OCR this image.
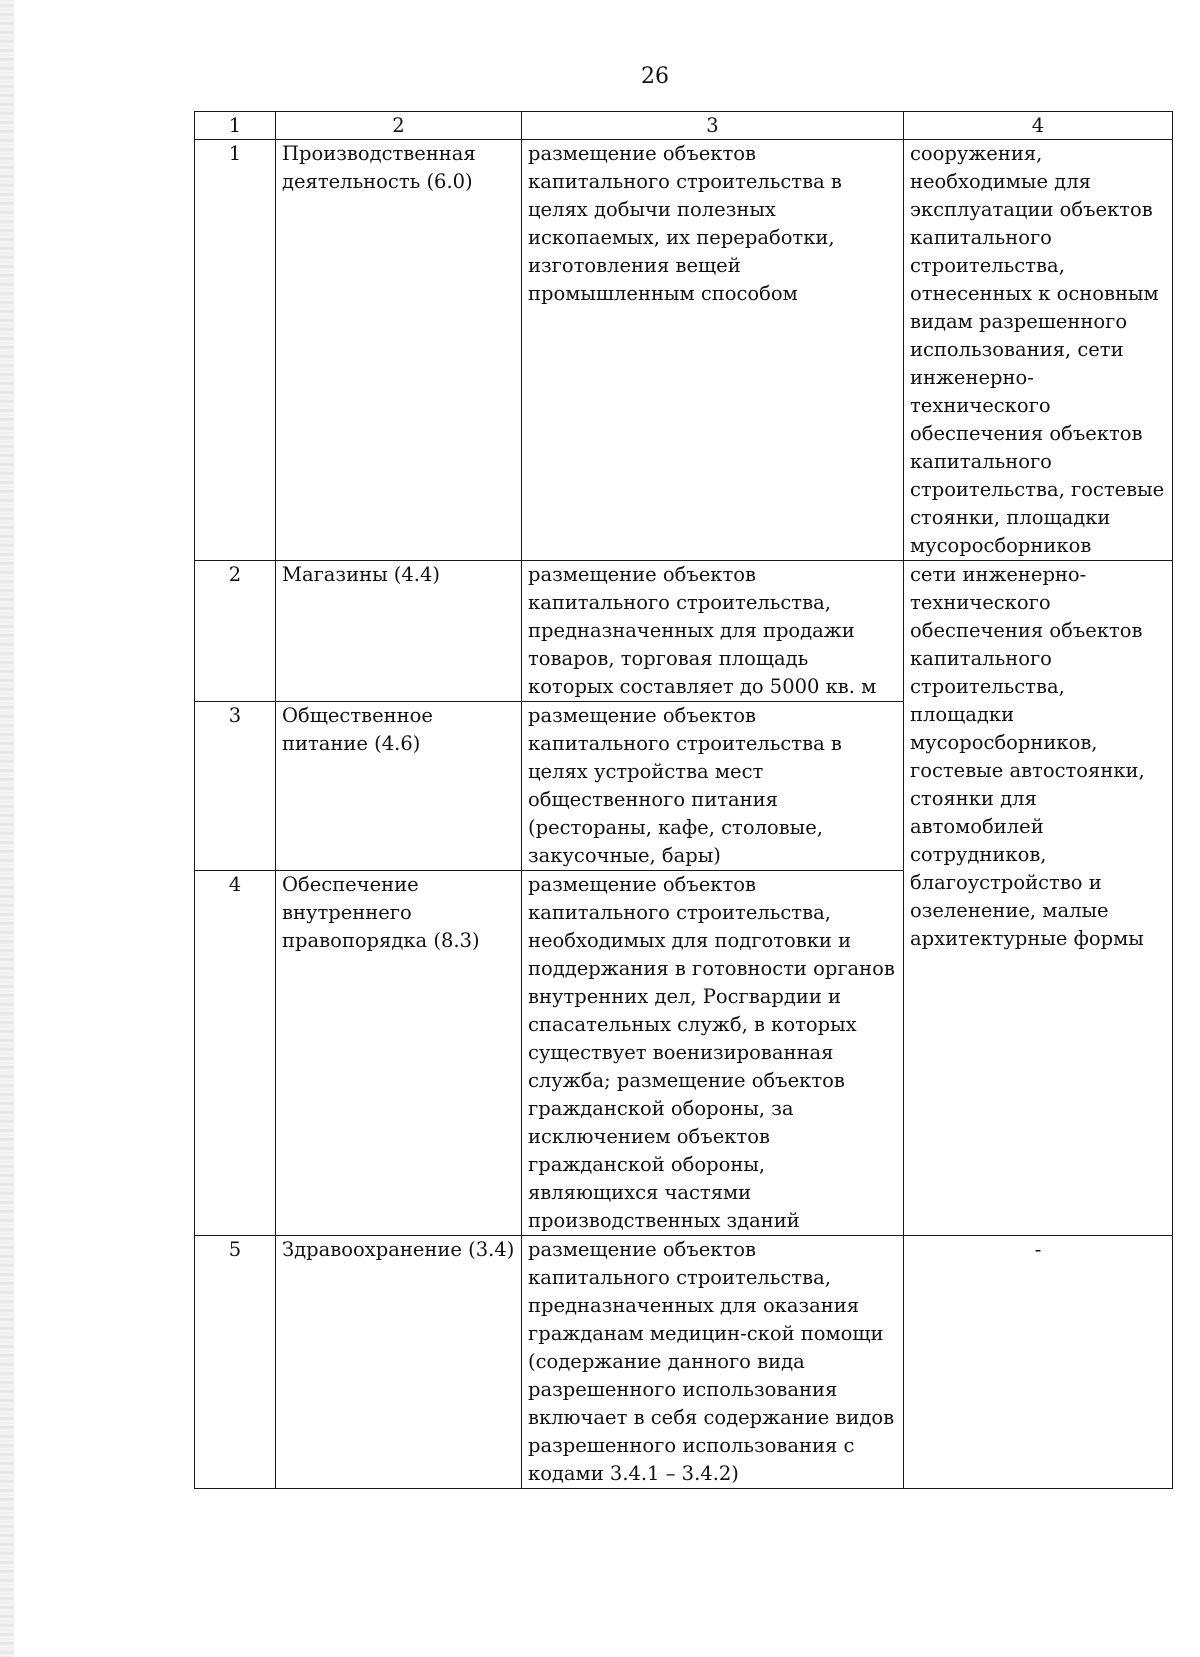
26
1	2	3	4
1	Производственная деятельность (6.0)	размещение объектов капитального строительства в целях добычи полезных ископаемых, их переработки, изготовления вещей промышленным способом	сооружения, необходимые для эксплуатации объектов капитального строительства, отнесенных к основным видам разрешенного использования, сети инженерно-технического обеспечения объектов капитального строительства, гостевые стоянки, площадки мусоросборников
2	Магазины (4.4)	размещение объектов капитального строительства, предназначенных для продажи товаров, торговая площадь которых составляет до 5000 кв. м	сети инженерно-технического обеспечения объектов капитального строительства, площадки мусоросборников, гостевые автостоянки, стоянки для автомобилей сотрудников, благоустройство и озеленение, малые архитектурные формы
3	Общественное питание (4.6)	размещение объектов капитального строительства в целях устройства мест общественного питания (рестораны, кафе, столовые, закусочные, бары)	
4	Обеспечение внутреннего правопорядка (8.3)	размещение объектов капитального строительства, необходимых для подготовки и поддержания в готовности органов внутренних дел, Росгвардии и спасательных служб, в которых существует военизированная служба; размещение объектов гражданской обороны, за исключением объектов гражданской обороны, являющихся частями производственных зданий	
5	Здравоохранение (3.4)	размещение объектов капитального строительства, предназначенных для оказания гражданам медицин-ской помощи (содержание данного вида разрешенного использования включает в себя содержание видов разрешенного использования с кодами 3.4.1 – 3.4.2)	-
